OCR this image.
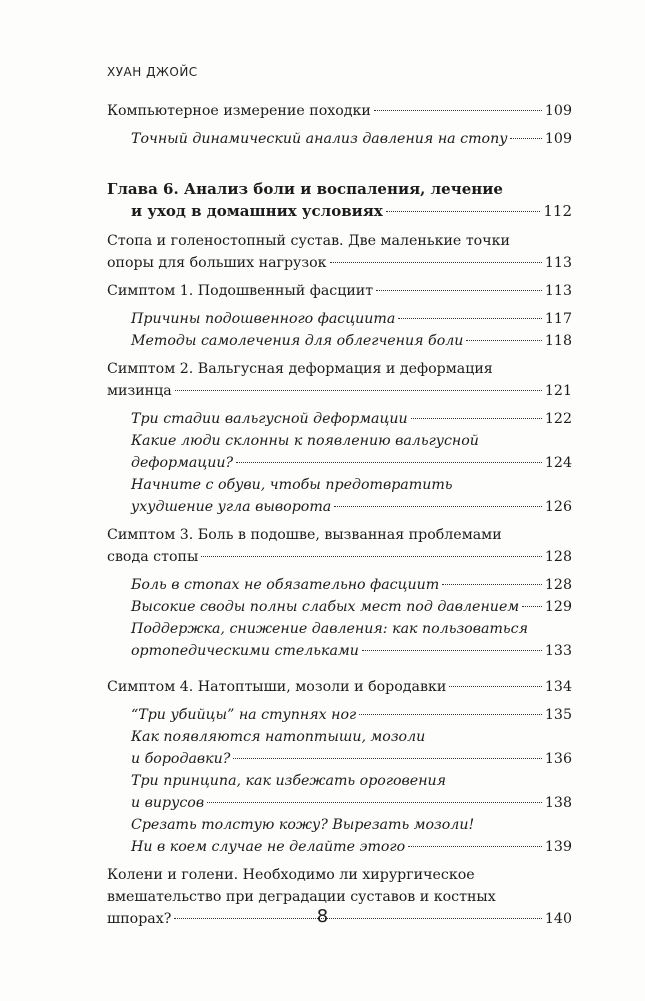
ХУАН ДЖОЙС
Компьютерное измерение походки	109
Точный динамический анализ давления на стопу	109
Глава 6. Анализ боли и воспаления, лечение
и уход в домашних условиях	112
Стопа и голеностопный сустав. Две маленькие точки
опоры для больших нагрузок	113
Симптом 1. Подошвенный фасциит	113
Причины подошвенного фасциита	117
Методы самолечения для облегчения боли	118
Симптом 2. Вальгусная деформация и деформация
мизинца	121
Три стадии вальгусной деформации	122
Какие люди склонны к появлению вальгусной
деформации?	124
Начните с обуви, чтобы предотвратить
ухудшение угла выворота	126
Симптом 3. Боль в подошве, вызванная проблемами
свода стопы	128
Боль в стопах не обязательно фасциит	128
Высокие своды полны слабых мест под давлением 129
Поддержка, снижение давления: как пользоваться
ортопедическими стельками	133
Симптом 4. Натоптыши, мозоли и бородавки	134
“Три убийцы” на ступнях ног	135
Как появляются натоптыши, мозоли
и бородавки?	136
Три принципа, как избежать ороговения
и вирусов	138
Срезать толстую кожу? Вырезать мозоли!
Ни в коем случае не делайте этого	139
Колени и голени. Необходимо ли хирургическое
вмешательство при деградации суставов и костных
шпорах?	140
8
